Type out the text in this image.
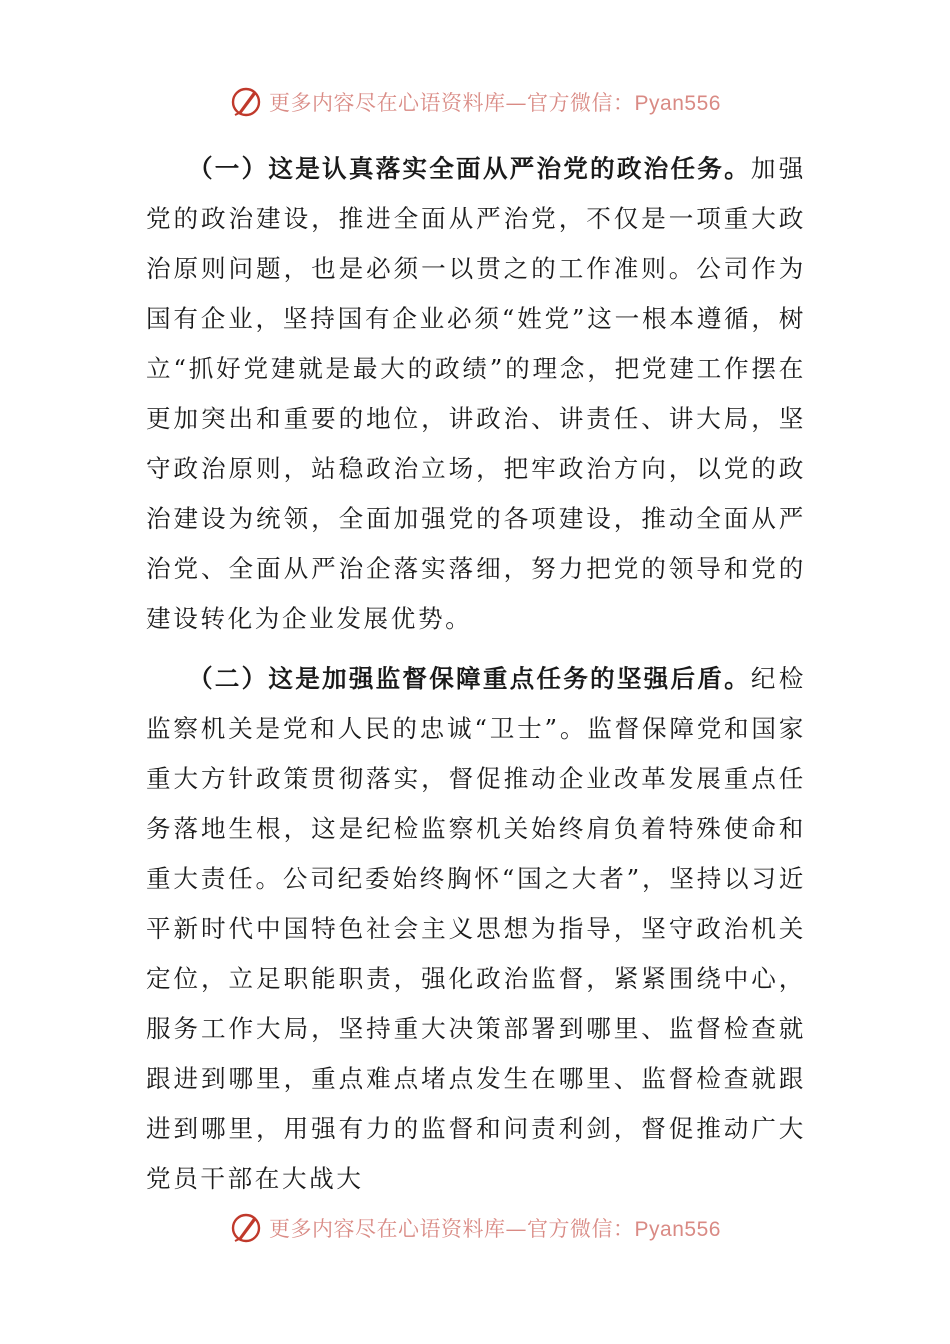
更多内容尽在心语资料库—官方微信：Pyan556

（一）这是认真落实全面从严治党的政治任务。加强党的政治建设，推进全面从严治党，不仅是一项重大政治原则问题，也是必须一以贯之的工作准则。公司作为国有企业，坚持国有企业必须“姓党”这一根本遵循，树立“抓好党建就是最大的政绩”的理念，把党建工作摆在更加突出和重要的地位，讲政治、讲责任、讲大局，坚守政治原则，站稳政治立场，把牢政治方向，以党的政治建设为统领，全面加强党的各项建设，推动全面从严治党、全面从严治企落实落细，努力把党的领导和党的建设转化为企业发展优势。

（二）这是加强监督保障重点任务的坚强后盾。纪检监察机关是党和人民的忠诚“卫士”。监督保障党和国家重大方针政策贯彻落实，督促推动企业改革发展重点任务落地生根，这是纪检监察机关始终肩负着特殊使命和重大责任。公司纪委始终胸怀“国之大者”，坚持以习近平新时代中国特色社会主义思想为指导，坚守政治机关定位，立足职能职责，强化政治监督，紧紧围绕中心，服务工作大局，坚持重大决策部署到哪里、监督检查就跟进到哪里，重点难点堵点发生在哪里、监督检查就跟进到哪里，用强有力的监督和问责利剑，督促推动广大党员干部在大战大

更多内容尽在心语资料库—官方微信：Pyan556
